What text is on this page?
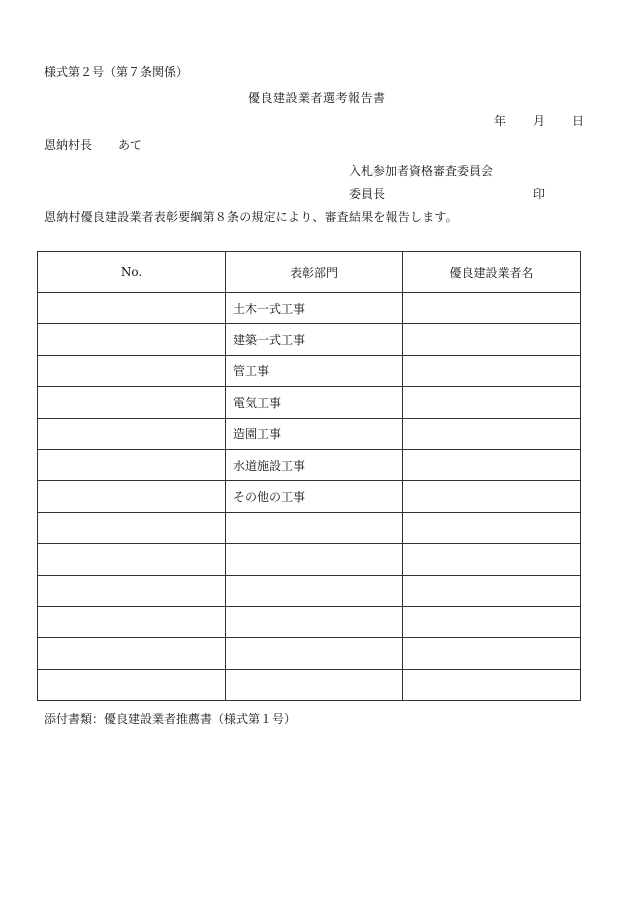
様式第２号（第７条関係）
優良建設業者選考報告書
年 月 日
恩納村長 あて
入札参加者資格審査委員会
委員長	印
恩納村優良建設業者表彰要綱第８条の規定により、審査結果を報告します。
No.	表彰部門	優良建設業者名
	土木一式工事	
	建築一式工事	
	管工事	
	電気工事	
	造園工事	
	水道施設工事	
	その他の工事	

添付書類：優良建設業者推薦書（様式第１号）
